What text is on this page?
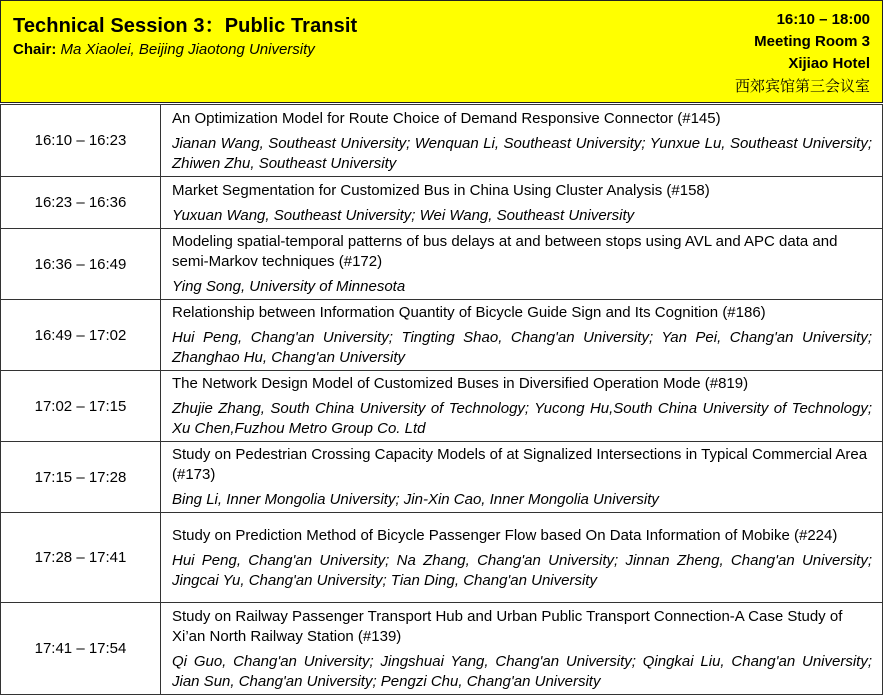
Technical Session 3：Public Transit
Chair: Ma Xiaolei, Beijing Jiaotong University
16:10 – 18:00
Meeting Room 3
Xijiao Hotel
西郊宾馆第三会议室
16:10 – 16:23	An Optimization Model for Route Choice of Demand Responsive Connector (#145)
Jianan Wang, Southeast University; Wenquan Li, Southeast University; Yunxue Lu, Southeast University; Zhiwen Zhu, Southeast University

16:23 – 16:36	Market Segmentation for Customized Bus in China Using Cluster Analysis (#158)
Yuxuan Wang, Southeast University; Wei Wang, Southeast University

16:36 – 16:49	Modeling spatial-temporal patterns of bus delays at and between stops using AVL and APC data and semi-Markov techniques (#172)
Ying Song, University of Minnesota

16:49 – 17:02	Relationship between Information Quantity of Bicycle Guide Sign and Its Cognition (#186)
Hui Peng, Chang'an University; Tingting Shao, Chang'an University; Yan Pei, Chang'an University; Zhanghao Hu, Chang'an University

17:02 – 17:15	The Network Design Model of Customized Buses in Diversified Operation Mode (#819)
Zhujie Zhang, South China University of Technology; Yucong Hu,South China University of Technology; Xu Chen,Fuzhou Metro Group Co. Ltd

17:15 – 17:28	Study on Pedestrian Crossing Capacity Models of at Signalized Intersections in Typical Commercial Area (#173)
Bing Li, Inner Mongolia University; Jin-Xin Cao, Inner Mongolia University

17:28 – 17:41	Study on Prediction Method of Bicycle Passenger Flow based On Data Information of Mobike (#224)
Hui Peng, Chang'an University; Na Zhang, Chang'an University; Jinnan Zheng, Chang'an University; Jingcai Yu, Chang'an University; Tian Ding, Chang'an University

17:41 – 17:54	Study on Railway Passenger Transport Hub and Urban Public Transport Connection-A Case Study of Xi’an North Railway Station (#139)
Qi Guo, Chang'an University; Jingshuai Yang, Chang'an University; Qingkai Liu, Chang'an University; Jian Sun, Chang'an University; Pengzi Chu, Chang'an University
